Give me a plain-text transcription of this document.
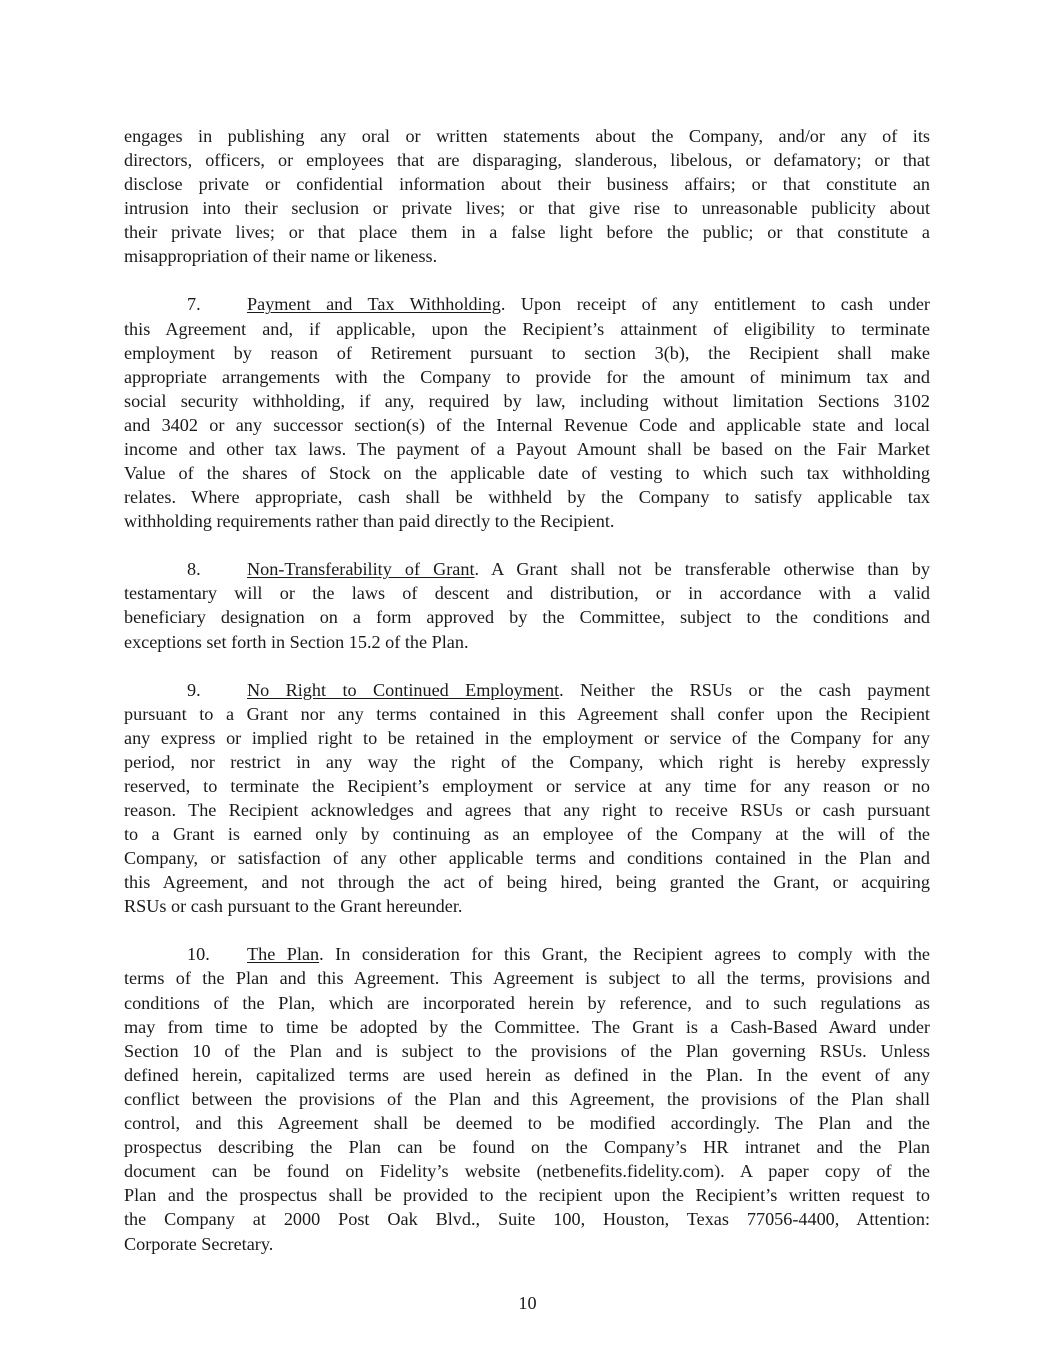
engages in publishing any oral or written statements about the Company, and/or any of its
directors, officers, or employees that are disparaging, slanderous, libelous, or defamatory; or that
disclose private or confidential information about their business affairs; or that constitute an
intrusion into their seclusion or private lives; or that give rise to unreasonable publicity about
their private lives; or that place them in a false light before the public; or that constitute a
misappropriation of their name or likeness.
7.	Payment and Tax Withholding. Upon receipt of any entitlement to cash under
this Agreement and, if applicable, upon the Recipient’s attainment of eligibility to terminate
employment by reason of Retirement pursuant to section 3(b), the Recipient shall make
appropriate arrangements with the Company to provide for the amount of minimum tax and
social security withholding, if any, required by law, including without limitation Sections 3102
and 3402 or any successor section(s) of the Internal Revenue Code and applicable state and local
income and other tax laws. The payment of a Payout Amount shall be based on the Fair Market
Value of the shares of Stock on the applicable date of vesting to which such tax withholding
relates. Where appropriate, cash shall be withheld by the Company to satisfy applicable tax
withholding requirements rather than paid directly to the Recipient.
8.	Non-Transferability of Grant. A Grant shall not be transferable otherwise than by
testamentary will or the laws of descent and distribution, or in accordance with a valid
beneficiary designation on a form approved by the Committee, subject to the conditions and
exceptions set forth in Section 15.2 of the Plan.
9.	No Right to Continued Employment. Neither the RSUs or the cash payment
pursuant to a Grant nor any terms contained in this Agreement shall confer upon the Recipient
any express or implied right to be retained in the employment or service of the Company for any
period, nor restrict in any way the right of the Company, which right is hereby expressly
reserved, to terminate the Recipient’s employment or service at any time for any reason or no
reason. The Recipient acknowledges and agrees that any right to receive RSUs or cash pursuant
to a Grant is earned only by continuing as an employee of the Company at the will of the
Company, or satisfaction of any other applicable terms and conditions contained in the Plan and
this Agreement, and not through the act of being hired, being granted the Grant, or acquiring
RSUs or cash pursuant to the Grant hereunder.
10. The Plan. In consideration for this Grant, the Recipient agrees to comply with the
terms of the Plan and this Agreement. This Agreement is subject to all the terms, provisions and
conditions of the Plan, which are incorporated herein by reference, and to such regulations as
may from time to time be adopted by the Committee. The Grant is a Cash-Based Award under
Section 10 of the Plan and is subject to the provisions of the Plan governing RSUs. Unless
defined herein, capitalized terms are used herein as defined in the Plan. In the event of any
conflict between the provisions of the Plan and this Agreement, the provisions of the Plan shall
control, and this Agreement shall be deemed to be modified accordingly. The Plan and the
prospectus describing the Plan can be found on the Company’s HR intranet and the Plan
document can be found on Fidelity’s website (netbenefits.fidelity.com). A paper copy of the
Plan and the prospectus shall be provided to the recipient upon the Recipient’s written request to
the Company at 2000 Post Oak Blvd., Suite 100, Houston, Texas 77056-4400, Attention:
Corporate Secretary.
10
